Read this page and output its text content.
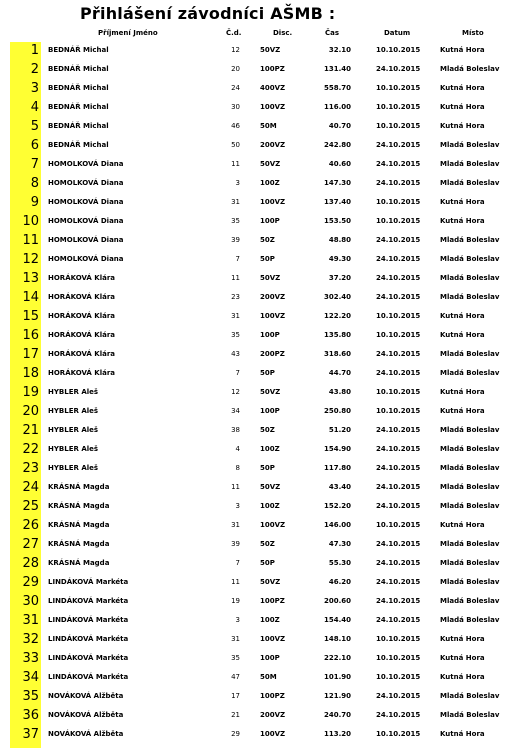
Přihlášení závodníci AŠMB :
Příjmení Jméno	Č.d.	Disc.	Čas	Datum	Místo
1 BEDNÁŘ Michal	12	50VZ	32.10	10.10.2015	Kutná Hora
2 BEDNÁŘ Michal	20	100PZ	131.40	24.10.2015	Mladá Boleslav
3 BEDNÁŘ Michal	24	400VZ	558.70	10.10.2015	Kutná Hora
4 BEDNÁŘ Michal	30	100VZ	116.00	10.10.2015	Kutná Hora
5 BEDNÁŘ Michal	46	50M	40.70	10.10.2015	Kutná Hora
6 BEDNÁŘ Michal	50	200VZ	242.80	24.10.2015	Mladá Boleslav
7 HOMOLKOVÁ Diana	11	50VZ	40.60	24.10.2015	Mladá Boleslav
8 HOMOLKOVÁ Diana	3	100Z	147.30	24.10.2015	Mladá Boleslav
9 HOMOLKOVÁ Diana	31	100VZ	137.40	10.10.2015	Kutná Hora
10 HOMOLKOVÁ Diana	35	100P	153.50	10.10.2015	Kutná Hora
11 HOMOLKOVÁ Diana	39	50Z	48.80	24.10.2015	Mladá Boleslav
12 HOMOLKOVÁ Diana	7	50P	49.30	24.10.2015	Mladá Boleslav
13 HORÁKOVÁ Klára	11	50VZ	37.20	24.10.2015	Mladá Boleslav
14 HORÁKOVÁ Klára	23	200VZ	302.40	24.10.2015	Mladá Boleslav
15 HORÁKOVÁ Klára	31	100VZ	122.20	10.10.2015	Kutná Hora
16 HORÁKOVÁ Klára	35	100P	135.80	10.10.2015	Kutná Hora
17 HORÁKOVÁ Klára	43	200PZ	318.60	24.10.2015	Mladá Boleslav
18 HORÁKOVÁ Klára	7	50P	44.70	24.10.2015	Mladá Boleslav
19 HYBLER Aleš	12	50VZ	43.80	10.10.2015	Kutná Hora
20 HYBLER Aleš	34	100P	250.80	10.10.2015	Kutná Hora
21 HYBLER Aleš	38	50Z	51.20	24.10.2015	Mladá Boleslav
22 HYBLER Aleš	4	100Z	154.90	24.10.2015	Mladá Boleslav
23 HYBLER Aleš	8	50P	117.80	24.10.2015	Mladá Boleslav
24 KRÁSNÁ Magda	11	50VZ	43.40	24.10.2015	Mladá Boleslav
25 KRÁSNÁ Magda	3	100Z	152.20	24.10.2015	Mladá Boleslav
26 KRÁSNÁ Magda	31	100VZ	146.00	10.10.2015	Kutná Hora
27 KRÁSNÁ Magda	39	50Z	47.30	24.10.2015	Mladá Boleslav
28 KRÁSNÁ Magda	7	50P	55.30	24.10.2015	Mladá Boleslav
29 LINDÁKOVÁ Markéta	11	50VZ	46.20	24.10.2015	Mladá Boleslav
30 LINDÁKOVÁ Markéta	19	100PZ	200.60	24.10.2015	Mladá Boleslav
31 LINDÁKOVÁ Markéta	3	100Z	154.40	24.10.2015	Mladá Boleslav
32 LINDÁKOVÁ Markéta	31	100VZ	148.10	10.10.2015	Kutná Hora
33 LINDÁKOVÁ Markéta	35	100P	222.10	10.10.2015	Kutná Hora
34 LINDÁKOVÁ Markéta	47	50M	101.90	10.10.2015	Kutná Hora
35 NOVÁKOVÁ Alžběta	17	100PZ	121.90	24.10.2015	Mladá Boleslav
36 NOVÁKOVÁ Alžběta	21	200VZ	240.70	24.10.2015	Mladá Boleslav
37 NOVÁKOVÁ Alžběta	29	100VZ	113.20	10.10.2015	Kutná Hora
